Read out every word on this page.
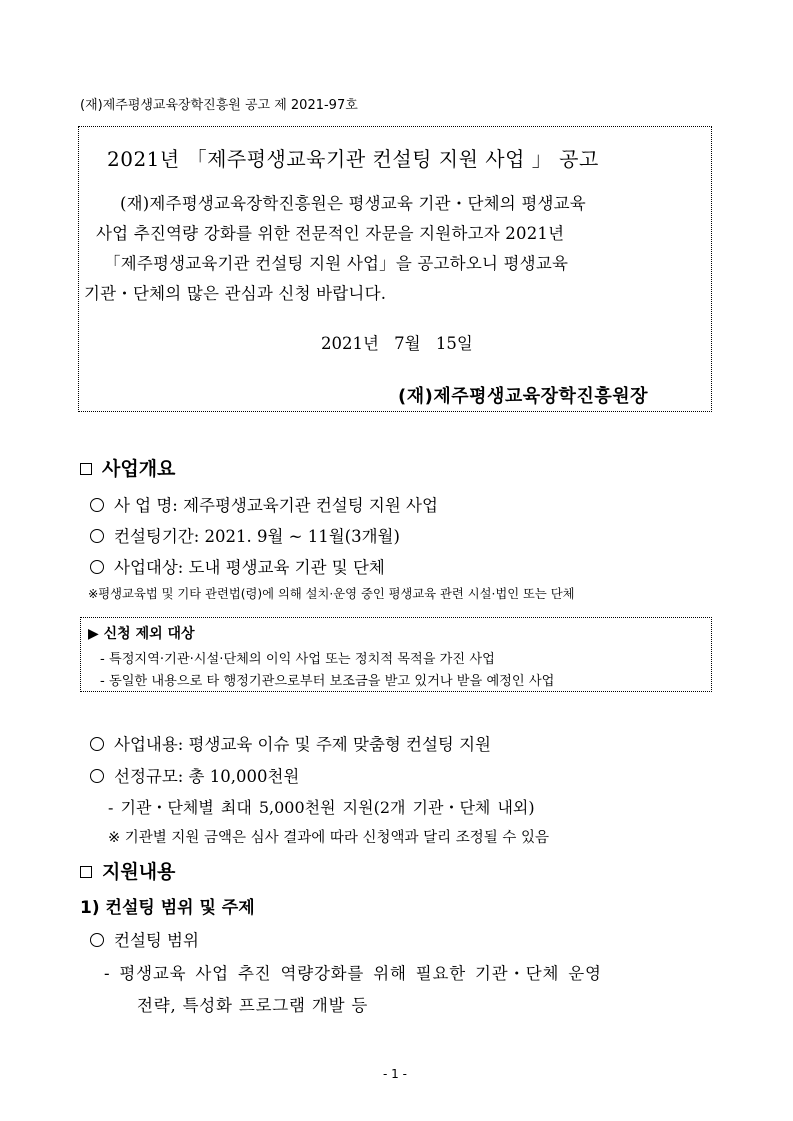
(재)제주평생교육장학진흥원 공고 제 2021-97호
2021년 「제주평생교육기관 컨설팅 지원 사업 」 공고
(재)제주평생교육장학진흥원은 평생교육 기관・단체의 평생교육
사업 추진역량 강화를 위한 전문적인 자문을 지원하고자 2021년
「제주평생교육기관 컨설팅 지원 사업」을 공고하오니 평생교육
기관・단체의 많은 관심과 신청 바랍니다.
2021년 7월 15일
(재)제주평생교육장학진흥원장
사업개요
사 업 명: 제주평생교육기관 컨설팅 지원 사업
컨설팅기간: 2021. 9월 ~ 11월(3개월)
사업대상: 도내 평생교육 기관 및 단체
※평생교육법 및 기타 관련법(령)에 의해 설치·운영 중인 평생교육 관련 시설·법인 또는 단체
▶ 신청 제외 대상
- 특정지역·기관·시설·단체의 이익 사업 또는 정치적 목적을 가진 사업
- 동일한 내용으로 타 행정기관으로부터 보조금을 받고 있거나 받을 예정인 사업
사업내용: 평생교육 이슈 및 주제 맞춤형 컨설팅 지원
선정규모: 총 10,000천원
- 기관・단체별 최대 5,000천원 지원(2개 기관・단체 내외)
※ 기관별 지원 금액은 심사 결과에 따라 신청액과 달리 조정될 수 있음
지원내용
1) 컨설팅 범위 및 주제
컨설팅 범위
- 평생교육 사업 추진 역량강화를 위해 필요한 기관・단체 운영
전략, 특성화 프로그램 개발 등
- 1 -
